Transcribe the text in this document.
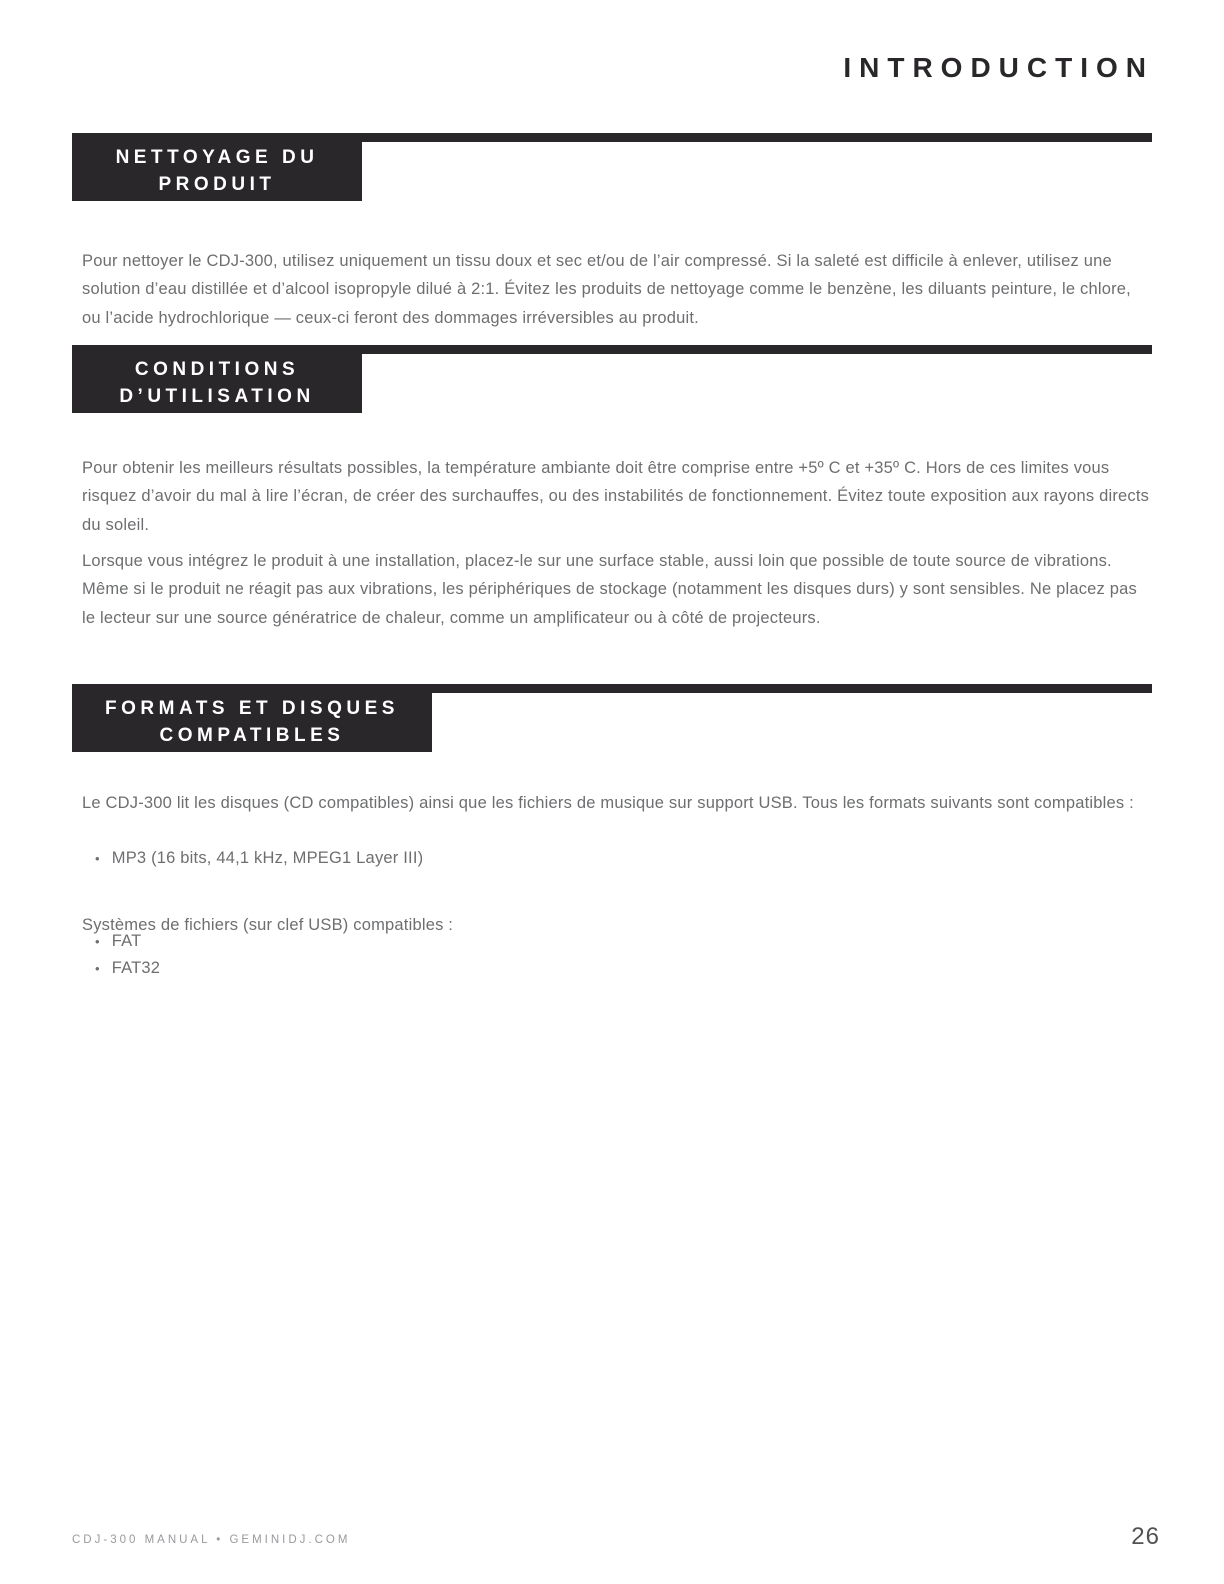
INTRODUCTION
NETTOYAGE DU
PRODUIT

Pour nettoyer le CDJ-300, utilisez uniquement un tissu doux et sec et/ou de l’air compressé. Si la saleté est difficile à enlever, utilisez une solution d’eau distillée et d’alcool isopropyle dilué à 2:1. Évitez les produits de nettoyage comme le benzène, les diluants peinture, le chlore, ou l’acide hydrochlorique — ceux-ci feront des dommages irréversibles au produit.

CONDITIONS
D’UTILISATION

Pour obtenir les meilleurs résultats possibles, la température ambiante doit être comprise entre +5º C et +35º C. Hors de ces limites vous risquez d’avoir du mal à lire l’écran, de créer des surchauffes, ou des instabilités de fonctionnement. Évitez toute exposition aux rayons directs du soleil.

Lorsque vous intégrez le produit à une installation, placez-le sur une surface stable, aussi loin que possible de toute source de vibrations. Même si le produit ne réagit pas aux vibrations, les périphériques de stockage (notamment les disques durs) y sont sensibles. Ne placez pas le lecteur sur une source génératrice de chaleur, comme un amplificateur ou à côté de projecteurs.

FORMATS ET DISQUES
COMPATIBLES

Le CDJ-300 lit les disques (CD compatibles) ainsi que les fichiers de musique sur support USB. Tous les formats suivants sont compatibles :

• MP3 (16 bits, 44,1 kHz, MPEG1 Layer III)

Systèmes de fichiers (sur clef USB) compatibles :

• FAT
• FAT32
CDJ-300 MANUAL • GEMINIDJ.COM	26
